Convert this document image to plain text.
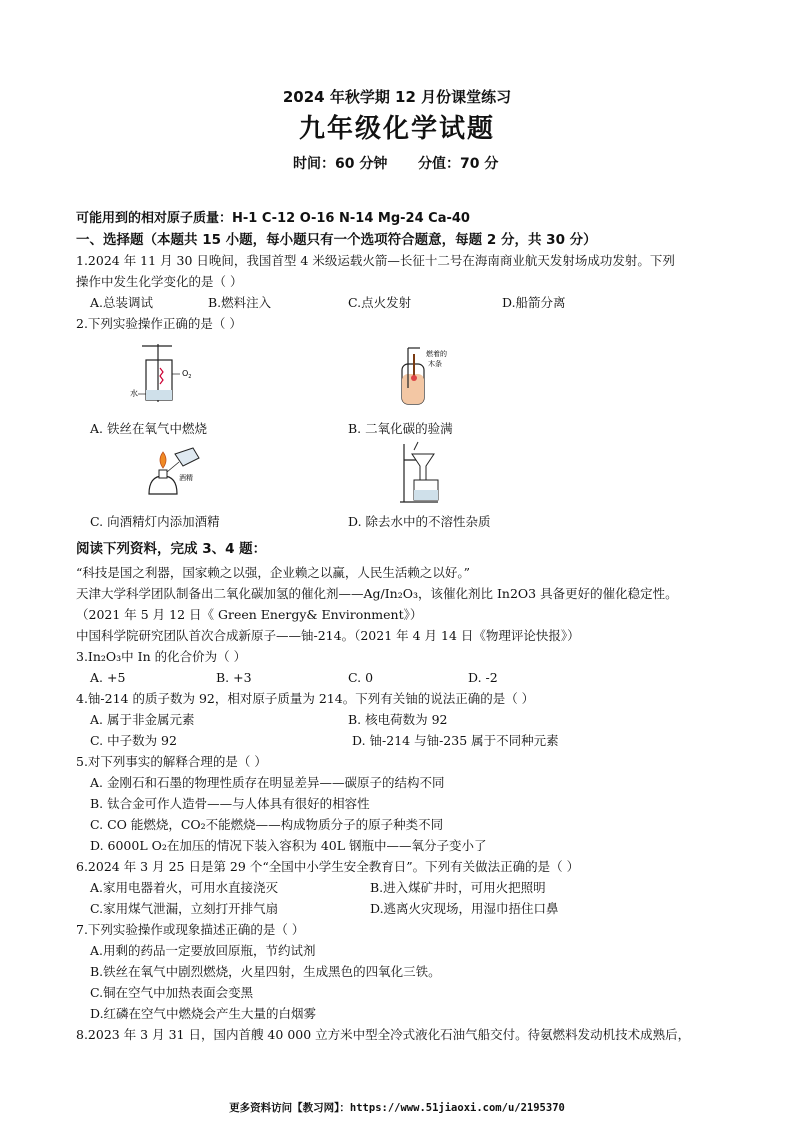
2024 年秋学期 12 月份课堂练习
九年级化学试题
时间：60 分钟 分值：70 分
可能用到的相对原子质量：H-1 C-12 O-16 N-14 Mg-24 Ca-40
一、选择题（本题共 15 小题，每小题只有一个选项符合题意，每题 2 分，共 30 分）
1.2024 年 11 月 30 日晚间，我国首型 4 米级运载火箭—长征十二号在海南商业航天发射场成功发射。下列
操作中发生化学变化的是（ ）
A.总装调试	B.燃料注入	C.点火发射	D.船箭分离
2.下列实验操作正确的是（ ）
$O_2$
水
燃着的
木条
A. 铁丝在氧气中燃烧	B. 二氧化碳的验满
酒精
C. 向酒精灯内添加酒精	D. 除去水中的不溶性杂质
阅读下列资料，完成 3、4 题：
“科技是国之利器，国家赖之以强，企业赖之以赢，人民生活赖之以好。”
天津大学科学团队制备出二氧化碳加氢的催化剂——Ag/In₂O₃，该催化剂比 In2O3 具备更好的催化稳定性。
（2021 年 5 月 12 日《 Green Energy& Environment》）
中国科学院研究团队首次合成新原子——铀-214。（2021 年 4 月 14 日《物理评论快报》）
3.In₂O₃中 In 的化合价为（ ）
A. +5	B. +3	C. 0	D. -2
4.铀-214 的质子数为 92，相对原子质量为 214。下列有关铀的说法正确的是（ ）
A. 属于非金属元素	B. 核电荷数为 92
C. 中子数为 92	D. 铀-214 与铀-235 属于不同种元素
5.对下列事实的解释合理的是（ ）
A. 金刚石和石墨的物理性质存在明显差异——碳原子的结构不同
B. 钛合金可作人造骨——与人体具有很好的相容性
C. CO 能燃烧，CO₂不能燃烧——构成物质分子的原子种类不同
D. 6000L O₂在加压的情况下装入容积为 40L 钢瓶中——氧分子变小了
6.2024 年 3 月 25 日是第 29 个“全国中小学生安全教育日”。下列有关做法正确的是（ ）
A.家用电器着火，可用水直接浇灭	B.进入煤矿井时，可用火把照明
C.家用煤气泄漏，立刻打开排气扇	D.逃离火灾现场，用湿巾捂住口鼻
7.下列实验操作或现象描述正确的是（ ）
A.用剩的药品一定要放回原瓶，节约试剂
B.铁丝在氧气中剧烈燃烧，火星四射，生成黑色的四氧化三铁。
C.铜在空气中加热表面会变黑
D.红磷在空气中燃烧会产生大量的白烟雾
8.2023 年 3 月 31 日，国内首艘 40 000 立方米中型全冷式液化石油气船交付。待氨燃料发动机技术成熟后，
更多资料访问【教习网】：https://www.51jiaoxi.com/u/2195370
